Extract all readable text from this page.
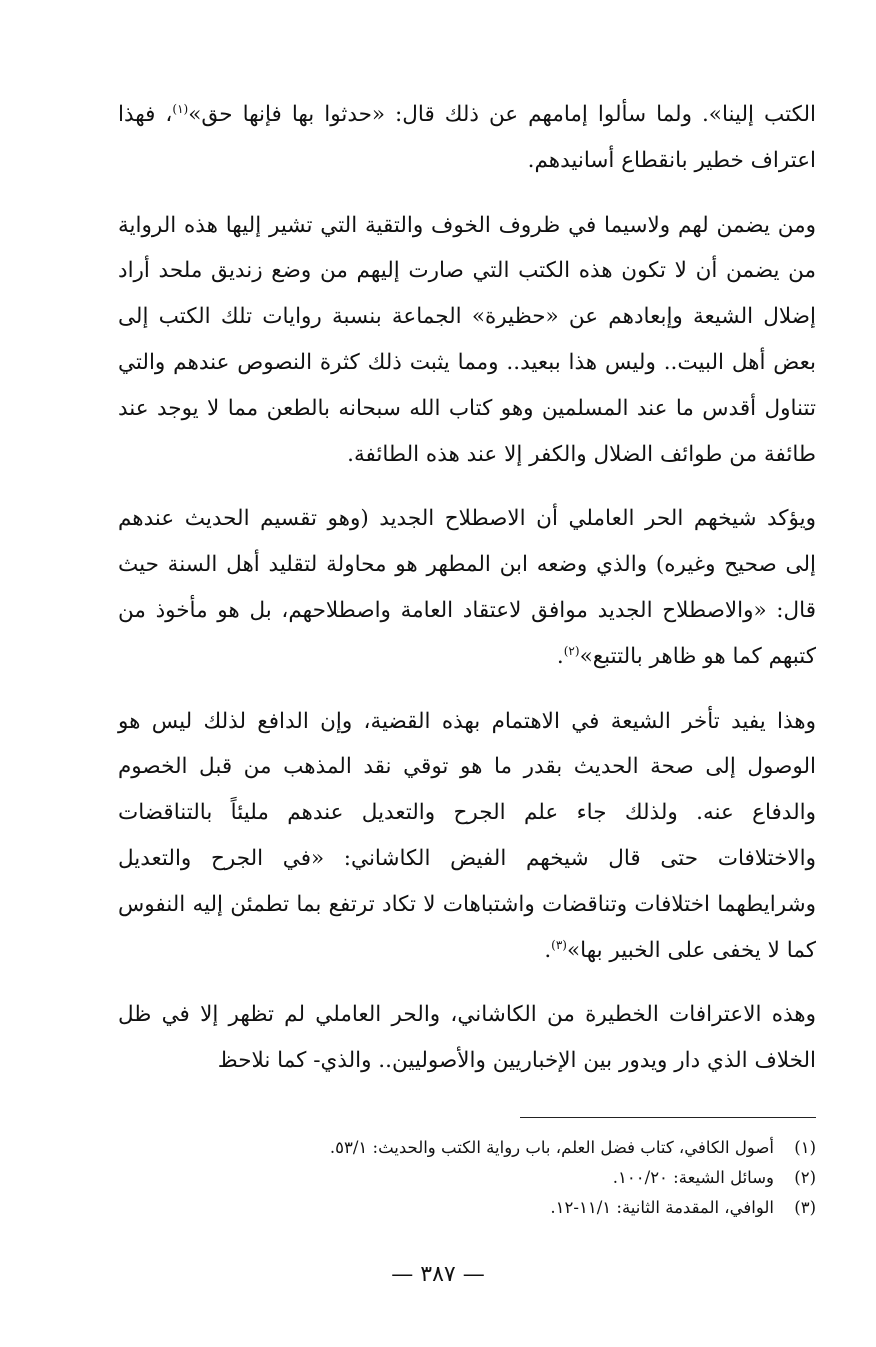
الكتب إلينا». ولما سألوا إمامهم عن ذلك قال: «حدثوا بها فإنها حق»$^{(١)}$، فهذا اعتراف خطير بانقطاع أسانيدهم.

ومن يضمن لهم ولاسيما في ظروف الخوف والتقية التي تشير إليها هذه الرواية من يضمن أن لا تكون هذه الكتب التي صارت إليهم من وضع زنديق ملحد أراد إضلال الشيعة وإبعادهم عن «حظيرة» الجماعة بنسبة روايات تلك الكتب إلى بعض أهل البيت.. وليس هذا ببعيد.. ومما يثبت ذلك كثرة النصوص عندهم والتي تتناول أقدس ما عند المسلمين وهو كتاب الله سبحانه بالطعن مما لا يوجد عند طائفة من طوائف الضلال والكفر إلا عند هذه الطائفة.

ويؤكد شيخهم الحر العاملي أن الاصطلاح الجديد (وهو تقسيم الحديث عندهم إلى صحيح وغيره) والذي وضعه ابن المطهر هو محاولة لتقليد أهل السنة حيث قال: «والاصطلاح الجديد موافق لاعتقاد العامة واصطلاحهم، بل هو مأخوذ من كتبهم كما هو ظاهر بالتتبع»$^{(٢)}$.

وهذا يفيد تأخر الشيعة في الاهتمام بهذه القضية، وإن الدافع لذلك ليس هو الوصول إلى صحة الحديث بقدر ما هو توقي نقد المذهب من قبل الخصوم والدفاع عنه. ولذلك جاء علم الجرح والتعديل عندهم مليئاً بالتناقضات والاختلافات حتى قال شيخهم الفيض الكاشاني: «في الجرح والتعديل وشرايطهما اختلافات وتناقضات واشتباهات لا تكاد ترتفع بما تطمئن إليه النفوس كما لا يخفى على الخبير بها»$^{(٣)}$.

وهذه الاعترافات الخطيرة من الكاشاني، والحر العاملي لم تظهر إلا في ظل الخلاف الذي دار ويدور بين الإخباريين والأصوليين.. والذي- كما نلاحظ

(١)أصول الكافي، كتاب فضل العلم، باب رواية الكتب والحديث: ٥٣/١.
(٢)وسائل الشيعة: ١٠٠/٢٠.
(٣)الوافي، المقدمة الثانية: ١١/١-١٢.
— ٣٨٧ —
